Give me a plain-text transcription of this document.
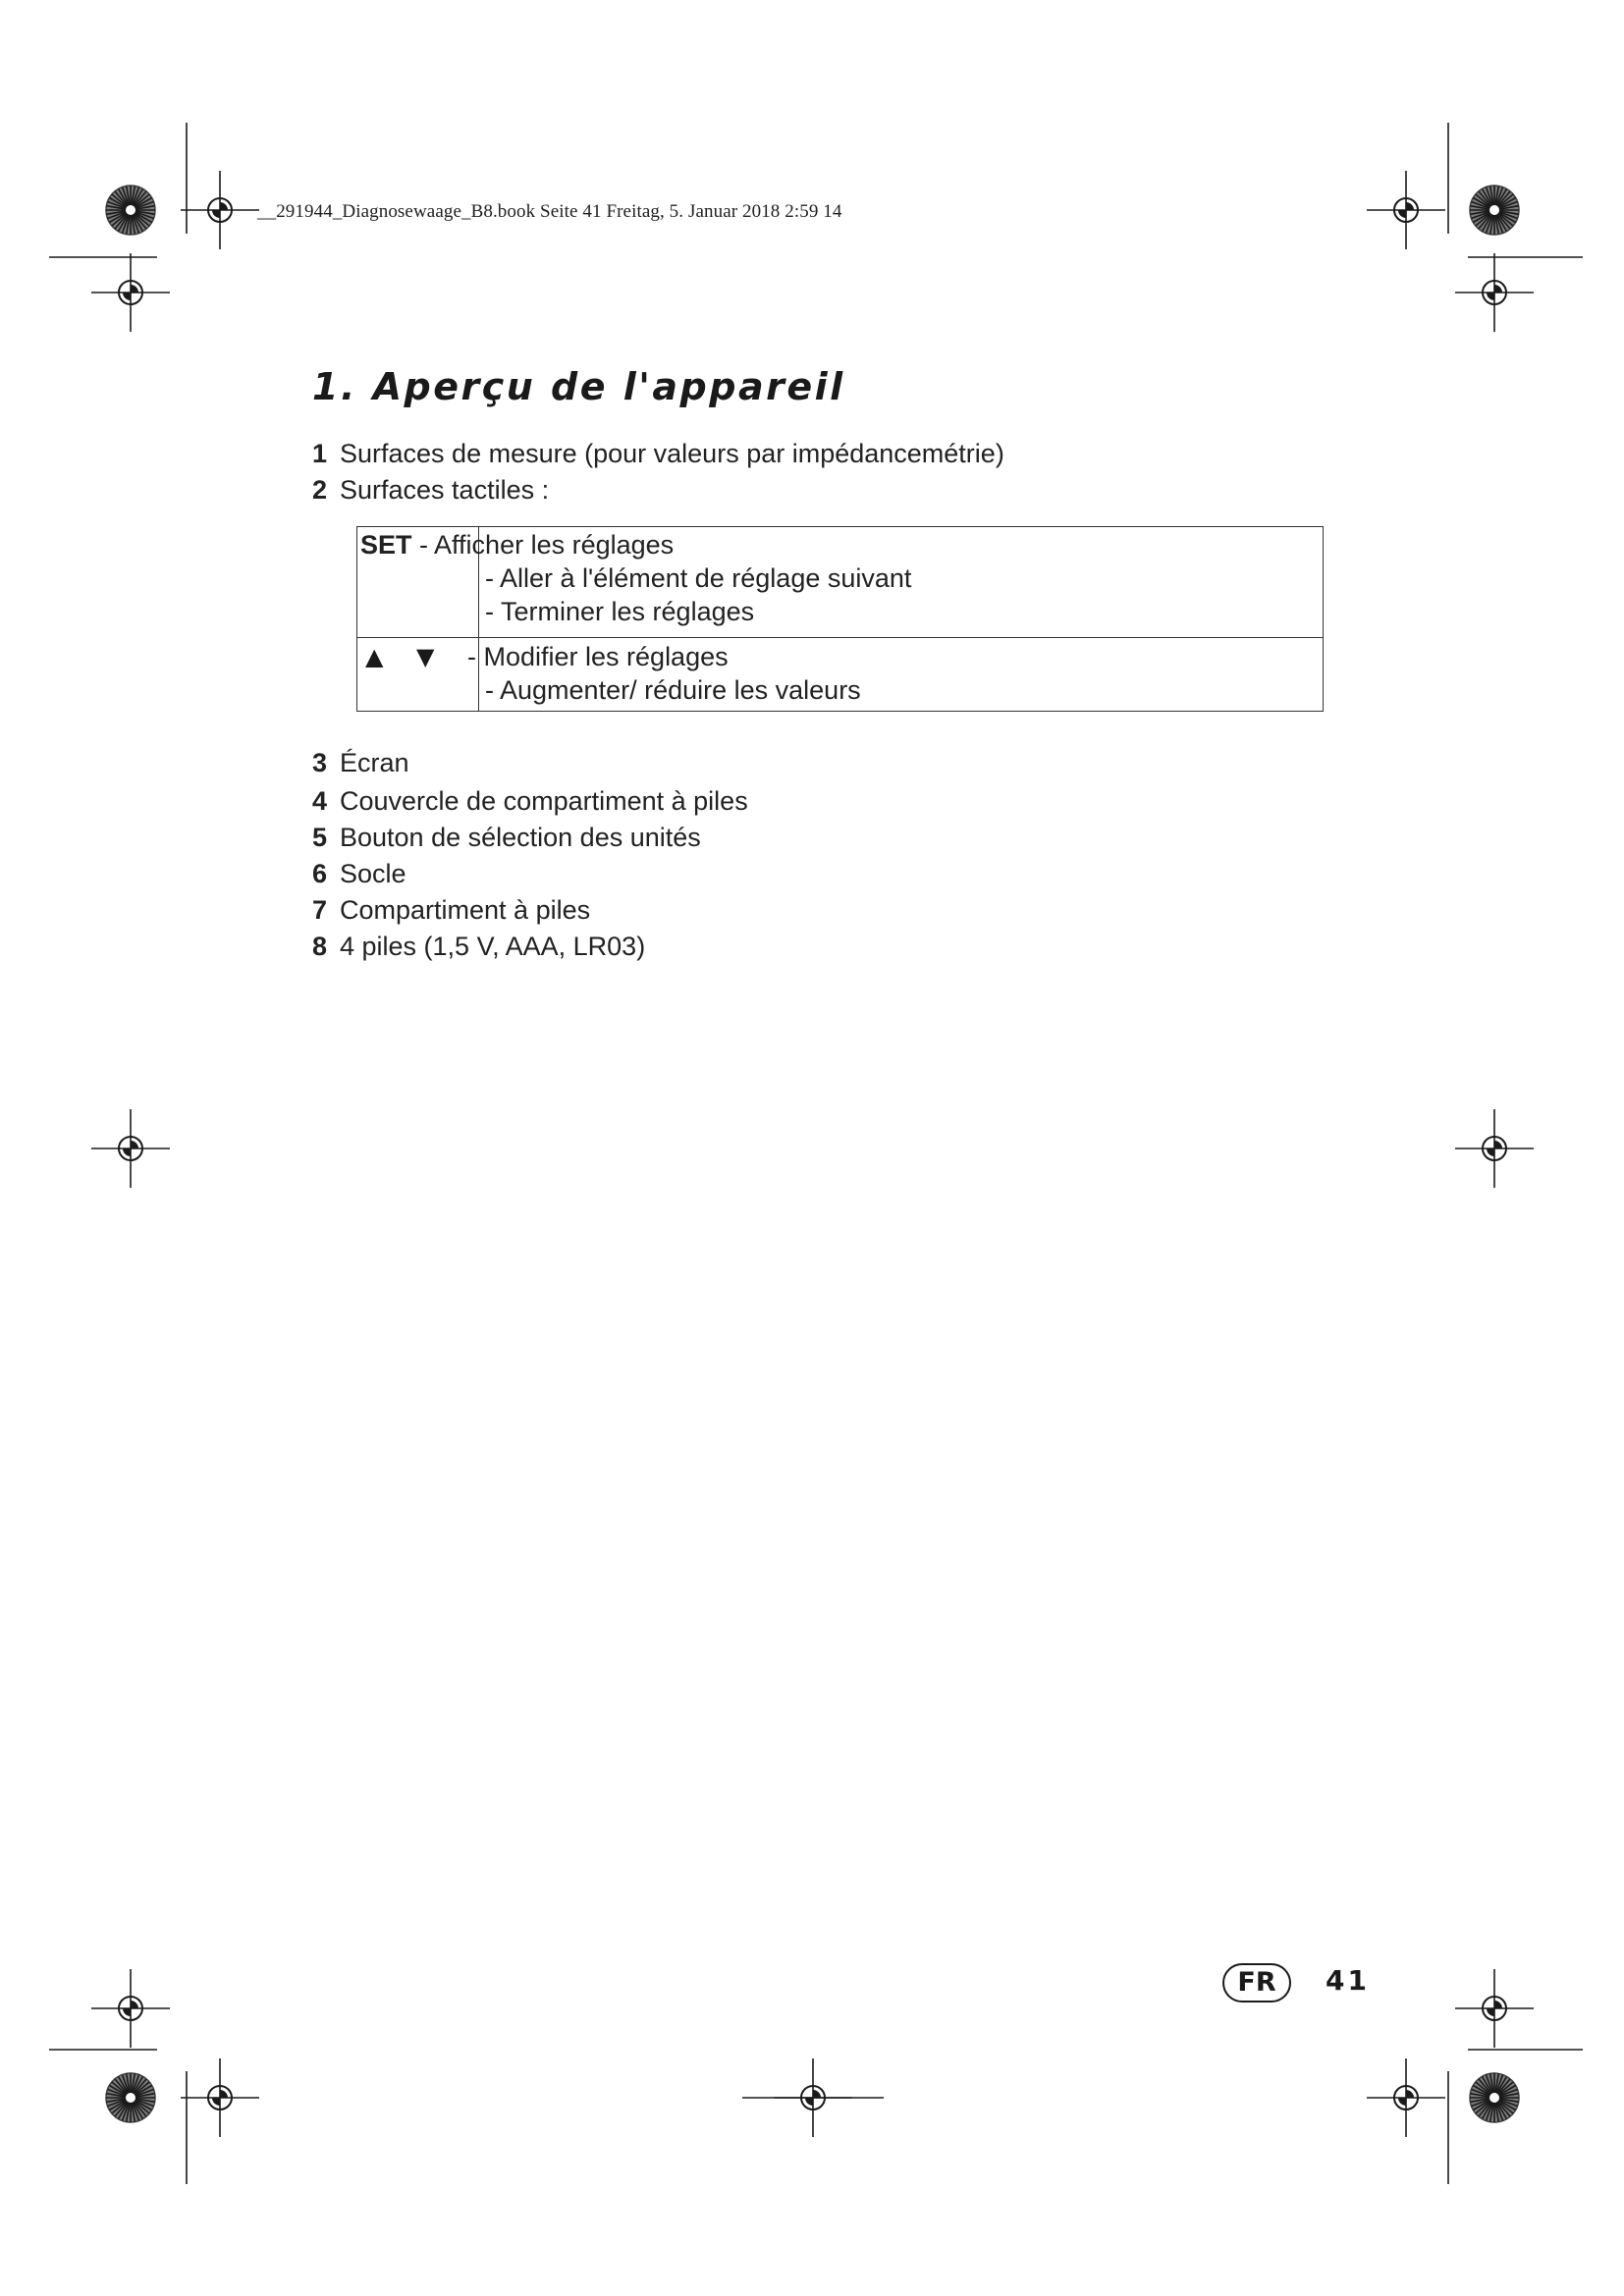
__291944_Diagnosewaage_B8.book Seite 41 Freitag, 5. Januar 2018 2:59 14
1. Aperçu de l'appareil
1 Surfaces de mesure (pour valeurs par impédancemétrie)
2 Surfaces tactiles :
SET - Afficher les réglages
- Aller à l'élément de réglage suivant
- Terminer les réglages
▲ ▼ - Modifier les réglages
- Augmenter/ réduire les valeurs
3 Écran
4 Couvercle de compartiment à piles
5 Bouton de sélection des unités
6 Socle
7 Compartiment à piles
8 4 piles (1,5 V, AAA, LR03)
FR	41
